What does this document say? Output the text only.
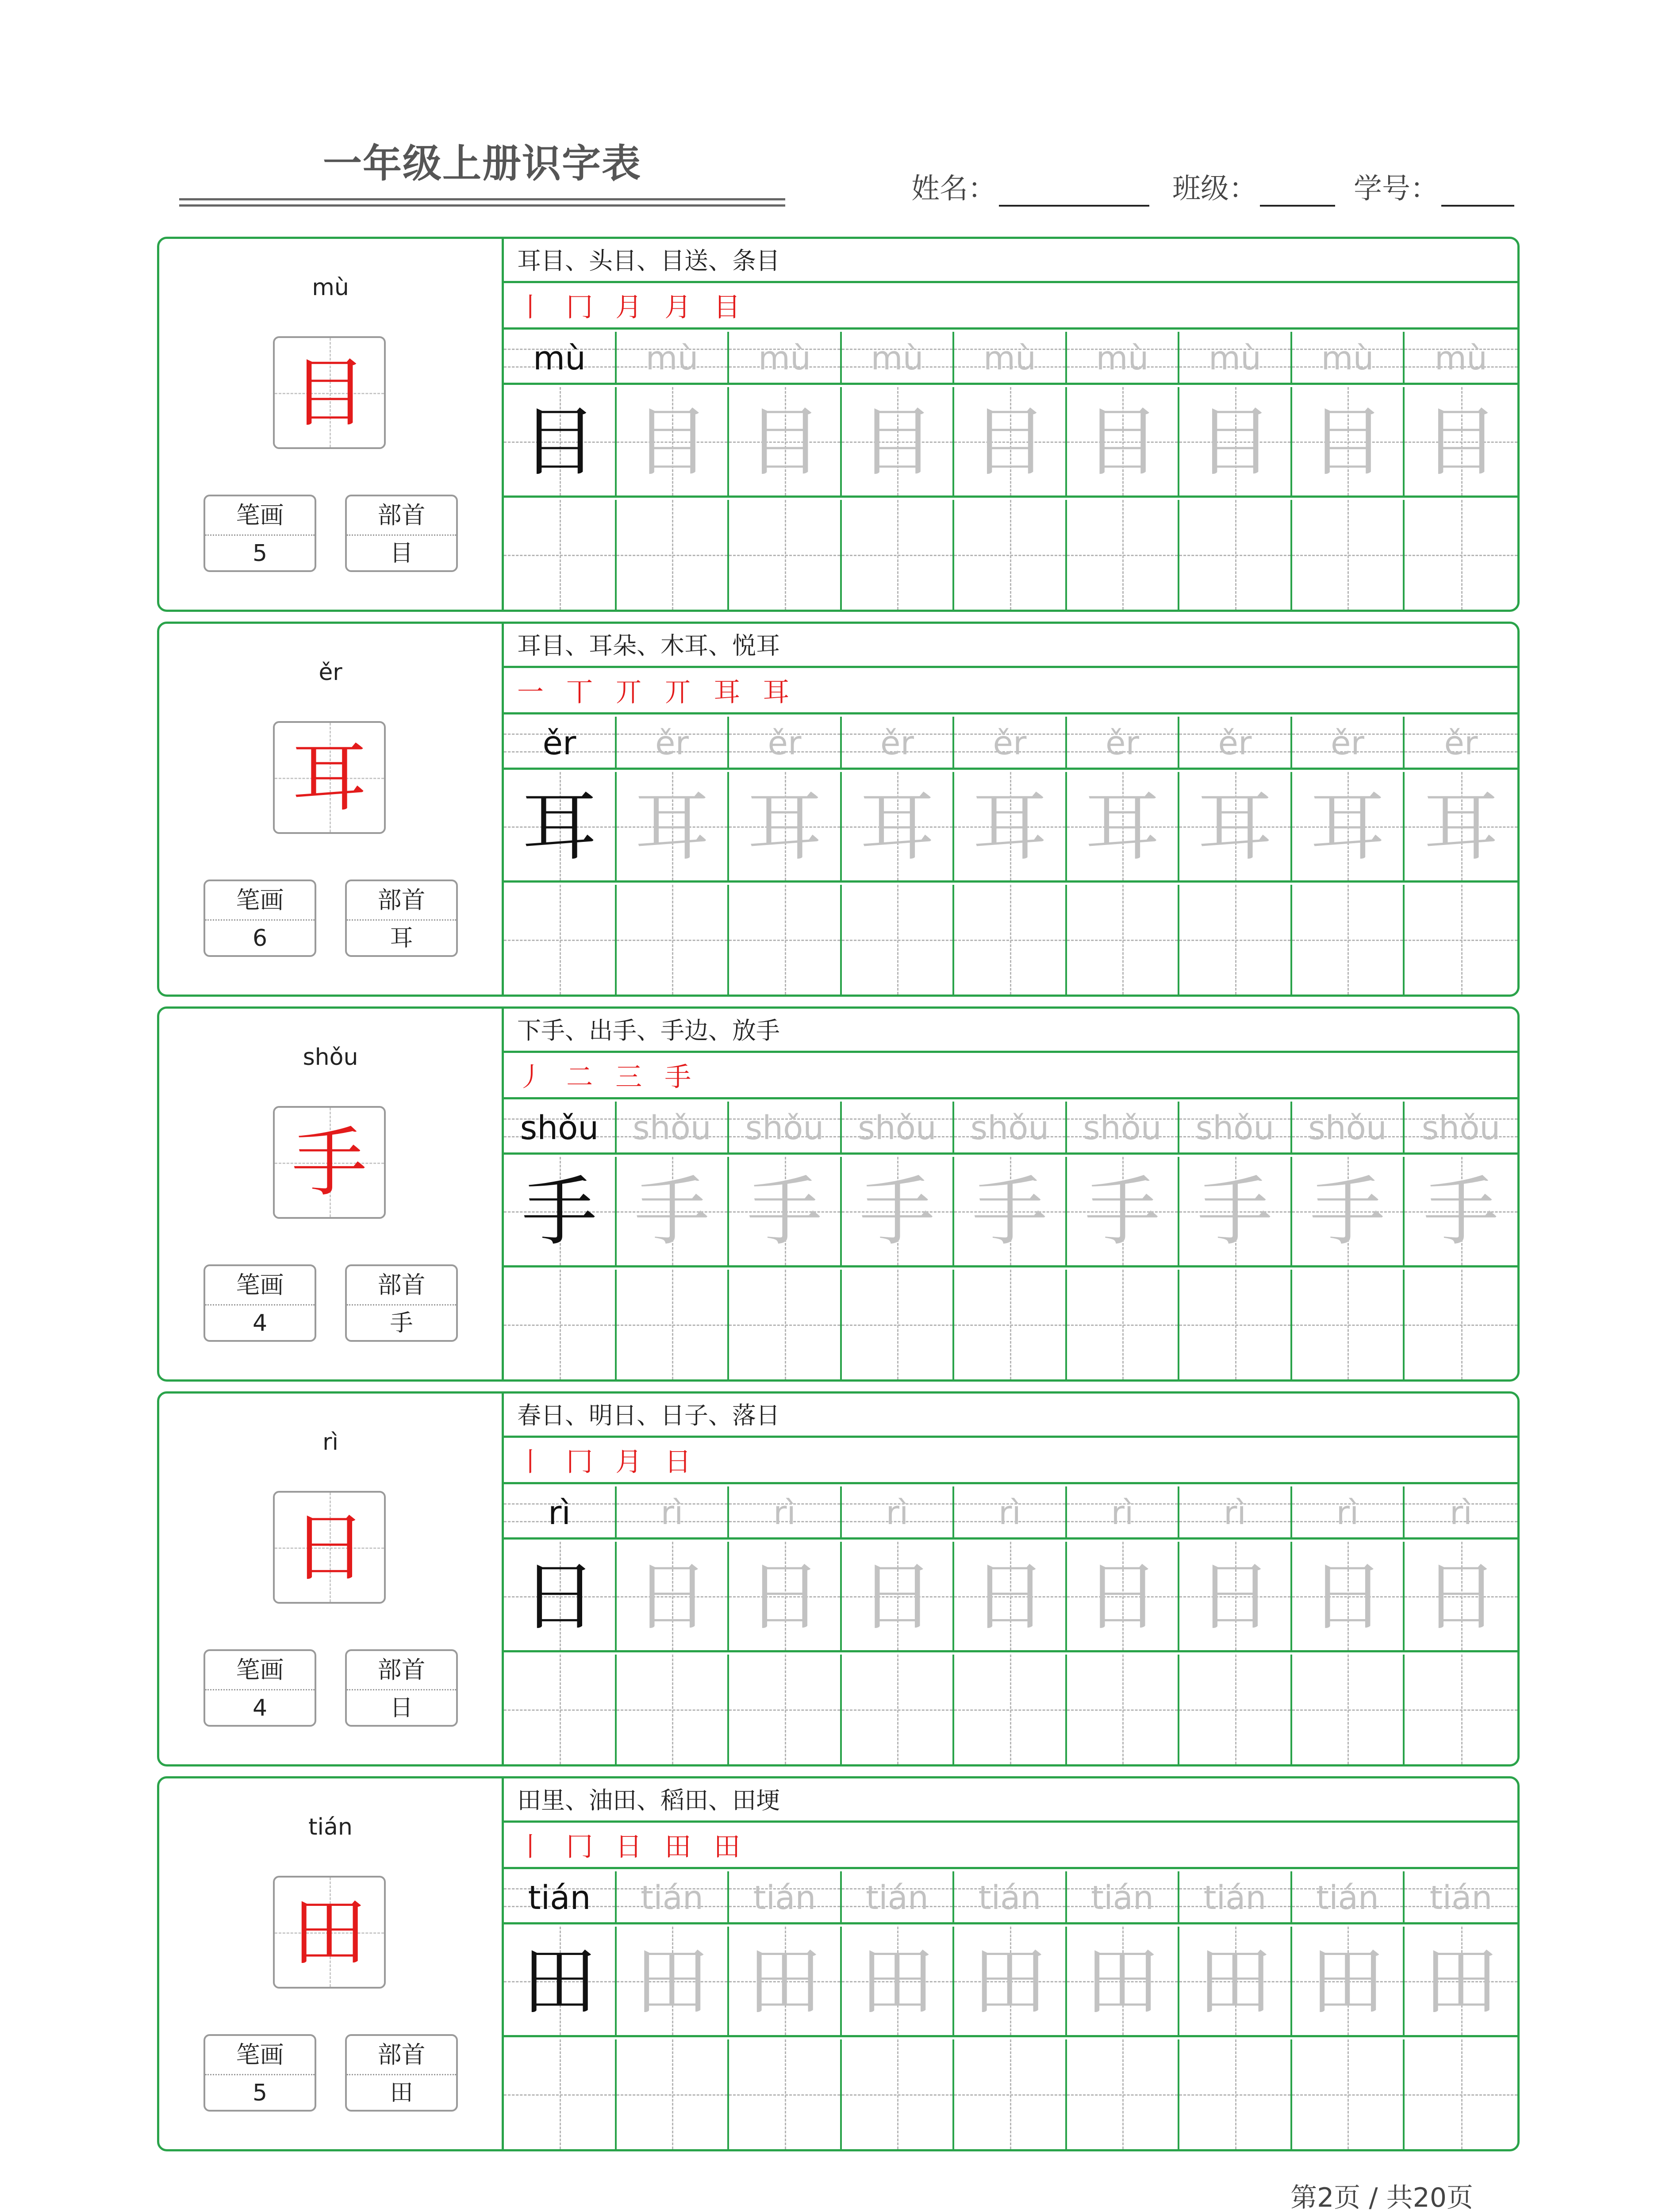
一年级上册识字表
姓名：	班级：	学号：
mù
目
笔画
5
部首
目
耳目、头目、目送、条目
丨 冂 月 月 目
mù
目
mù
目
mù
目
mù
目
mù
目
mù
目
mù
目
mù
目
mù
目
ěr
耳
笔画
6
部首
耳
耳目、耳朵、木耳、悦耳
一 丅 丌 丌 耳 耳
ěr
耳
ěr
耳
ěr
耳
ěr
耳
ěr
耳
ěr
耳
ěr
耳
ěr
耳
ěr
耳
shǒu
手
笔画
4
部首
手
下手、出手、手边、放手
丿 二 三 手
shǒu
手
shǒu
手
shǒu
手
shǒu
手
shǒu
手
shǒu
手
shǒu
手
shǒu
手
shǒu
手
rì
日
笔画
4
部首
日
春日、明日、日子、落日
丨 冂 月 日
rì
日
rì
日
rì
日
rì
日
rì
日
rì
日
rì
日
rì
日
rì
日
tián
田
笔画
5
部首
田
田里、油田、稻田、田埂
丨 冂 日 田 田
tián
田
tián
田
tián
田
tián
田
tián
田
tián
田
tián
田
tián
田
tián
田
第2页 / 共20页
